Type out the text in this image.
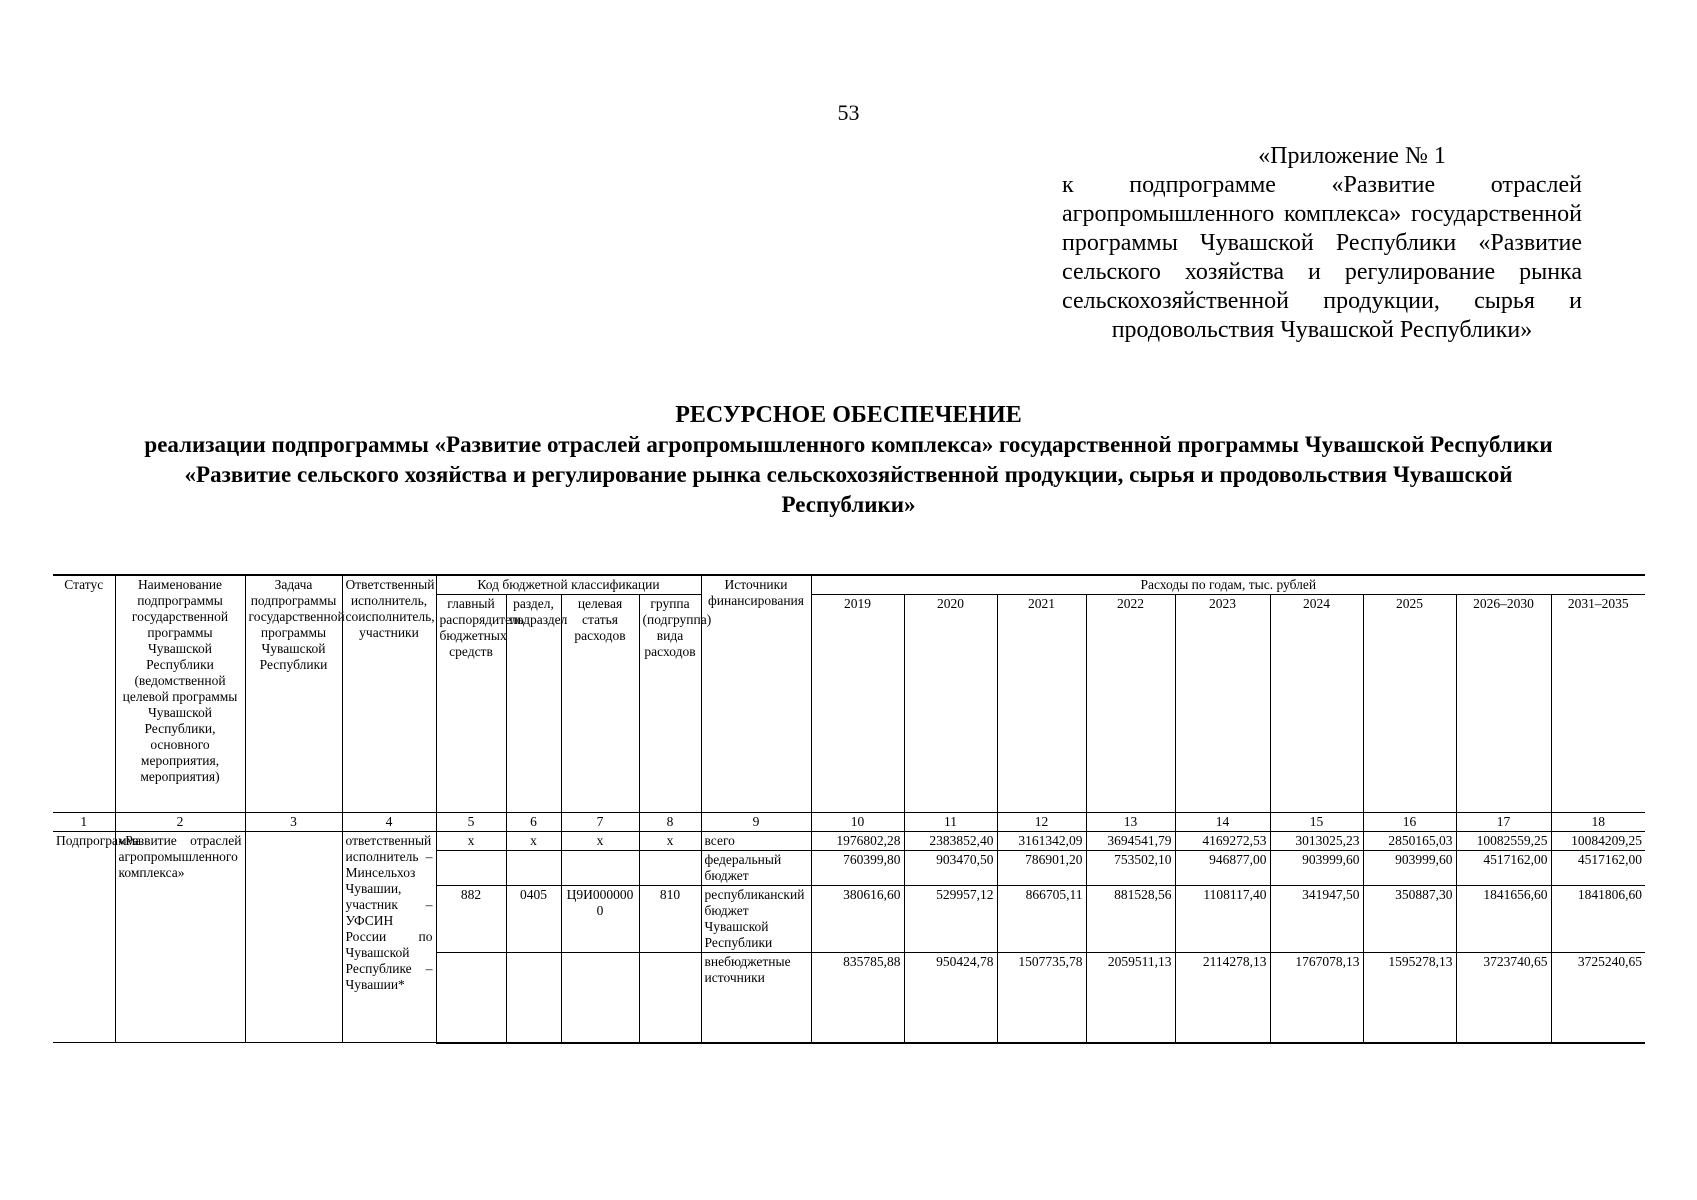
53
«Приложение № 1
к подпрограмме «Развитие отраслей агропромышленного комплекса» государственной программы Чувашской Республики «Развитие сельского хозяйства и регулирование рынка сельскохозяйственной продукции, сырья и продовольствия Чувашской Республики»
РЕСУРСНОЕ ОБЕСПЕЧЕНИЕ
реализации подпрограммы «Развитие отраслей агропромышленного комплекса» государственной программы Чувашской Республики «Развитие сельского хозяйства и регулирование рынка сельскохозяйственной продукции, сырья и продовольствия Чувашской Республики»
Статус	Наименование подпрограммы государственной программы Чувашской Республики (ведомственной целевой программы Чувашской Республики, основного мероприятия, мероприятия)	Задача подпрограммы государственной программы Чувашской Республики	Ответственный исполнитель, соисполнитель, участники	Код бюджетной классификации				Источники финансирования	Расходы по годам, тыс. рублей								
				главный распорядитель бюджетных средств	раздел, подраздел	целевая статья расходов	группа (подгруппа) вида расходов		2019	2020	2021	2022	2023	2024	2025	2026–2030	2031–2035
1	2	3	4	5	6	7	8	9	10	11	12	13	14	15	16	17	18
Подпрограмма	«Развитие отраслей агропромышленного комплекса»		ответственный исполнитель – Минсельхоз Чувашии, участник – УФСИН России по Чувашской Республике – Чувашии*	x	x	x	x	всего	1976802,28	2383852,40	3161342,09	3694541,79	4169272,53	3013025,23	2850165,03	10082559,25	10084209,25
								федеральный бюджет	760399,80	903470,50	786901,20	753502,10	946877,00	903999,60	903999,60	4517162,00	4517162,00
				882	0405	Ц9И0000000	810	республиканский бюджет Чувашской Республики	380616,60	529957,12	866705,11	881528,56	1108117,40	341947,50	350887,30	1841656,60	1841806,60
								внебюджетные источники	835785,88	950424,78	1507735,78	2059511,13	2114278,13	1767078,13	1595278,13	3723740,65	3725240,65
